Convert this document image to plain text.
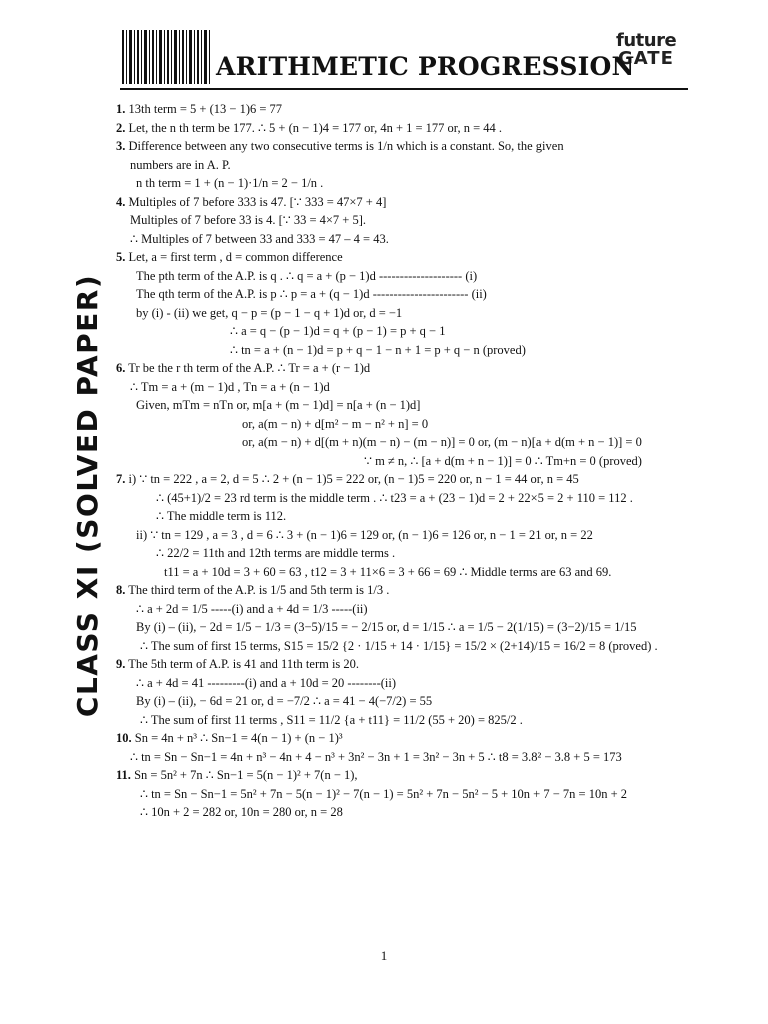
CLASS XI (SOLVED PAPER)
future
GATE
ARITHMETIC PROGRESSION
1. 13th term = 5 + (13 − 1)6 = 77
2. Let, the n th term be 177. ∴ 5 + (n − 1)4 = 177 or, 4n + 1 = 177 or, n = 44 .
3. Difference between any two consecutive terms is 1/n which is a constant. So, the given
numbers are in A. P.
n th term = 1 + (n − 1)·1/n = 2 − 1/n .
4. Multiples of 7 before 333 is 47. [∵ 333 = 47×7 + 4]
Multiples of 7 before 33 is 4. [∵ 33 = 4×7 + 5].
∴ Multiples of 7 between 33 and 333 = 47 – 4 = 43.
5. Let, a = first term , d = common difference
The pth term of the A.P. is q . ∴ q = a + (p − 1)d -------------------- (i)
The qth term of the A.P. is p ∴ p = a + (q − 1)d ----------------------- (ii)
by (i) - (ii) we get, q − p = (p − 1 − q + 1)d or, d = −1
∴ a = q − (p − 1)d = q + (p − 1) = p + q − 1
∴ tn = a + (n − 1)d = p + q − 1 − n + 1 = p + q − n (proved)
6. Tr be the r th term of the A.P. ∴ Tr = a + (r − 1)d
∴ Tm = a + (m − 1)d , Tn = a + (n − 1)d
Given, mTm = nTn or, m[a + (m − 1)d] = n[a + (n − 1)d]
or, a(m − n) + d[m² − m − n² + n] = 0
or, a(m − n) + d[(m + n)(m − n) − (m − n)] = 0 or, (m − n)[a + d(m + n − 1)] = 0
∵ m ≠ n, ∴ [a + d(m + n − 1)] = 0 ∴ Tm+n = 0 (proved)
7. i) ∵ tn = 222 , a = 2, d = 5 ∴ 2 + (n − 1)5 = 222 or, (n − 1)5 = 220 or, n − 1 = 44 or, n = 45
∴ (45+1)/2 = 23 rd term is the middle term . ∴ t23 = a + (23 − 1)d = 2 + 22×5 = 2 + 110 = 112 .
∴ The middle term is 112.
ii) ∵ tn = 129 , a = 3 , d = 6 ∴ 3 + (n − 1)6 = 129 or, (n − 1)6 = 126 or, n − 1 = 21 or, n = 22
∴ 22/2 = 11th and 12th terms are middle terms .
t11 = a + 10d = 3 + 60 = 63 , t12 = 3 + 11×6 = 3 + 66 = 69 ∴ Middle terms are 63 and 69.
8. The third term of the A.P. is 1/5 and 5th term is 1/3 .
∴ a + 2d = 1/5 -----(i) and a + 4d = 1/3 -----(ii)
By (i) – (ii), − 2d = 1/5 − 1/3 = (3−5)/15 = − 2/15 or, d = 1/15 ∴ a = 1/5 − 2(1/15) = (3−2)/15 = 1/15
∴ The sum of first 15 terms, S15 = 15/2 {2 · 1/15 + 14 · 1/15} = 15/2 × (2+14)/15 = 16/2 = 8 (proved) .
9. The 5th term of A.P. is 41 and 11th term is 20.
∴ a + 4d = 41 ---------(i) and a + 10d = 20 --------(ii)
By (i) – (ii), − 6d = 21 or, d = −7/2 ∴ a = 41 − 4(−7/2) = 55
∴ The sum of first 11 terms , S11 = 11/2 {a + t11} = 11/2 (55 + 20) = 825/2 .
10. Sn = 4n + n³ ∴ Sn−1 = 4(n − 1) + (n − 1)³
∴ tn = Sn − Sn−1 = 4n + n³ − 4n + 4 − n³ + 3n² − 3n + 1 = 3n² − 3n + 5 ∴ t8 = 3.8² − 3.8 + 5 = 173
11. Sn = 5n² + 7n ∴ Sn−1 = 5(n − 1)² + 7(n − 1),
∴ tn = Sn − Sn−1 = 5n² + 7n − 5(n − 1)² − 7(n − 1) = 5n² + 7n − 5n² − 5 + 10n + 7 − 7n = 10n + 2
∴ 10n + 2 = 282 or, 10n = 280 or, n = 28
1
